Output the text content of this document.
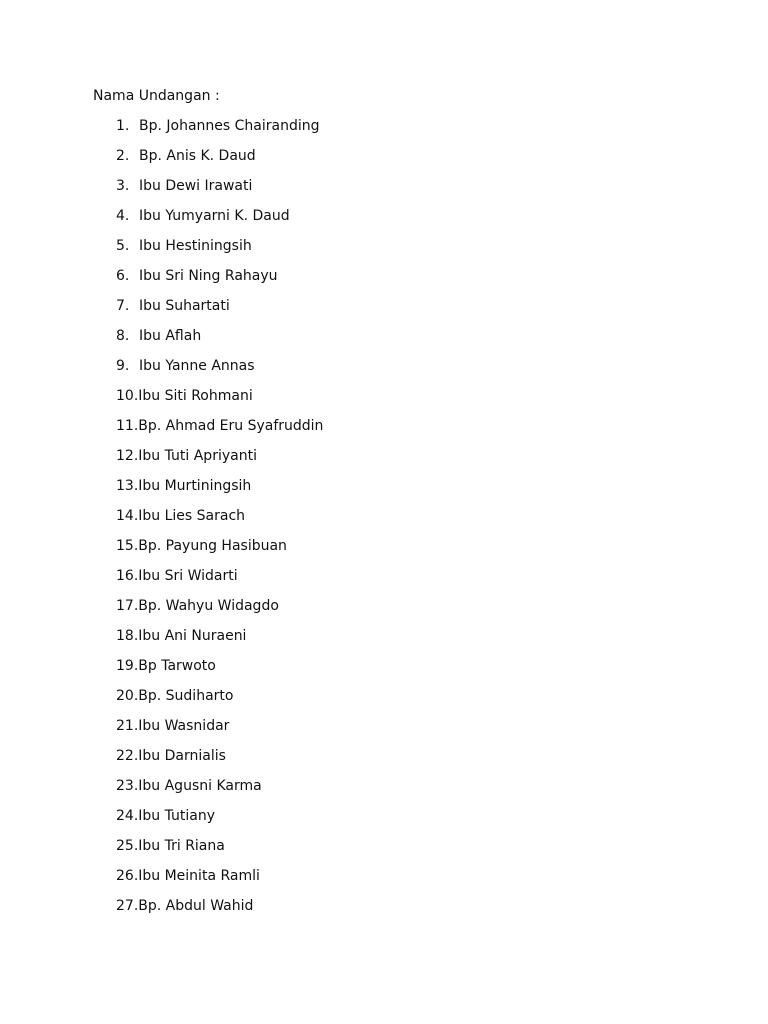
Nama Undangan :
1. Bp. Johannes Chairanding
2. Bp. Anis K. Daud
3. Ibu Dewi Irawati
4. Ibu Yumyarni K. Daud
5. Ibu Hestiningsih
6. Ibu Sri Ning Rahayu
7. Ibu Suhartati
8. Ibu Aflah
9. Ibu Yanne Annas
10.Ibu Siti Rohmani
11.Bp. Ahmad Eru Syafruddin
12.Ibu Tuti Apriyanti
13.Ibu Murtiningsih
14.Ibu Lies Sarach
15.Bp. Payung Hasibuan
16.Ibu Sri Widarti
17.Bp. Wahyu Widagdo
18.Ibu Ani Nuraeni
19.Bp Tarwoto
20.Bp. Sudiharto
21.Ibu Wasnidar
22.Ibu Darnialis
23.Ibu Agusni Karma
24.Ibu Tutiany
25.Ibu Tri Riana
26.Ibu Meinita Ramli
27.Bp. Abdul Wahid
